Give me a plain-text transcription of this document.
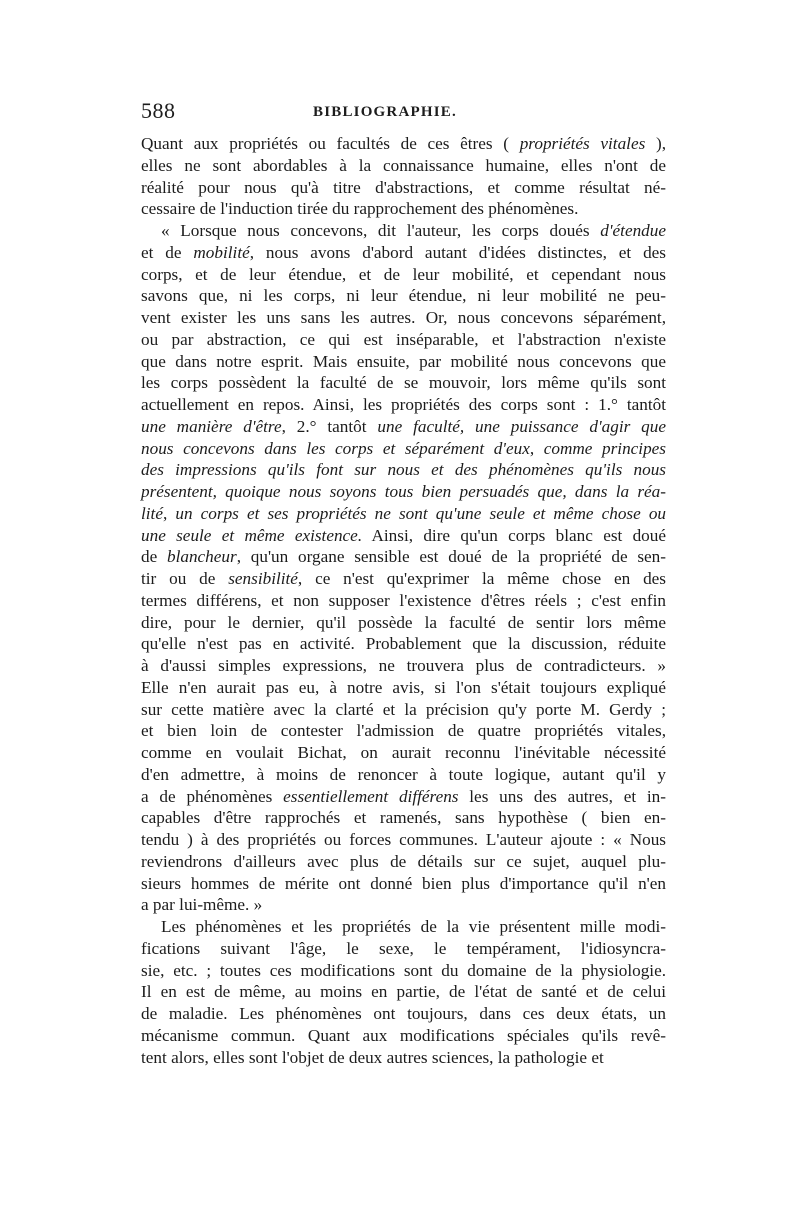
588	BIBLIOGRAPHIE.
Quant aux propriétés ou facultés de ces êtres ( propriétés vitales ),
elles ne sont abordables à la connaissance humaine, elles n'ont de
réalité pour nous qu'à titre d'abstractions, et comme résultat né-
cessaire de l'induction tirée du rapprochement des phénomènes.
« Lorsque nous concevons, dit l'auteur, les corps doués d'étendue
et de mobilité, nous avons d'abord autant d'idées distinctes, et des
corps, et de leur étendue, et de leur mobilité, et cependant nous
savons que, ni les corps, ni leur étendue, ni leur mobilité ne peu-
vent exister les uns sans les autres. Or, nous concevons séparément,
ou par abstraction, ce qui est inséparable, et l'abstraction n'existe
que dans notre esprit. Mais ensuite, par mobilité nous concevons que
les corps possèdent la faculté de se mouvoir, lors même qu'ils sont
actuellement en repos. Ainsi, les propriétés des corps sont : 1.° tantôt
une manière d'être, 2.° tantôt une faculté, une puissance d'agir que
nous concevons dans les corps et séparément d'eux, comme principes
des impressions qu'ils font sur nous et des phénomènes qu'ils nous
présentent, quoique nous soyons tous bien persuadés que, dans la réa-
lité, un corps et ses propriétés ne sont qu'une seule et même chose ou
une seule et même existence. Ainsi, dire qu'un corps blanc est doué
de blancheur, qu'un organe sensible est doué de la propriété de sen-
tir ou de sensibilité, ce n'est qu'exprimer la même chose en des
termes différens, et non supposer l'existence d'êtres réels ; c'est enfin
dire, pour le dernier, qu'il possède la faculté de sentir lors même
qu'elle n'est pas en activité. Probablement que la discussion, réduite
à d'aussi simples expressions, ne trouvera plus de contradicteurs. »
Elle n'en aurait pas eu, à notre avis, si l'on s'était toujours expliqué
sur cette matière avec la clarté et la précision qu'y porte M. Gerdy ;
et bien loin de contester l'admission de quatre propriétés vitales,
comme en voulait Bichat, on aurait reconnu l'inévitable nécessité
d'en admettre, à moins de renoncer à toute logique, autant qu'il y
a de phénomènes essentiellement différens les uns des autres, et in-
capables d'être rapprochés et ramenés, sans hypothèse ( bien en-
tendu ) à des propriétés ou forces communes. L'auteur ajoute : « Nous
reviendrons d'ailleurs avec plus de détails sur ce sujet, auquel plu-
sieurs hommes de mérite ont donné bien plus d'importance qu'il n'en
a par lui-même. »
Les phénomènes et les propriétés de la vie présentent mille modi-
fications suivant l'âge, le sexe, le tempérament, l'idiosyncra-
sie, etc. ; toutes ces modifications sont du domaine de la physiologie.
Il en est de même, au moins en partie, de l'état de santé et de celui
de maladie. Les phénomènes ont toujours, dans ces deux états, un
mécanisme commun. Quant aux modifications spéciales qu'ils revê-
tent alors, elles sont l'objet de deux autres sciences, la pathologie et
